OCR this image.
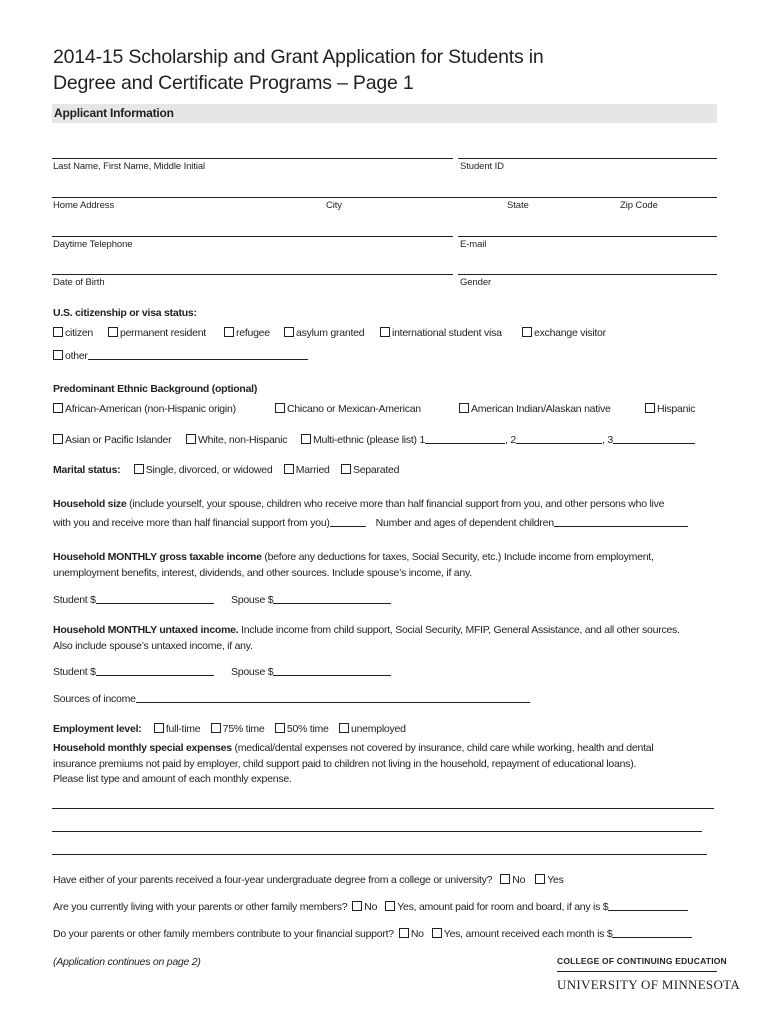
2014-15 Scholarship and Grant Application for Students in
Degree and Certificate Programs – Page 1
Applicant Information
Last Name, First Name, Middle Initial	Student ID
Home Address	City	State	Zip Code
Daytime Telephone	E-mail
Date of Birth	Gender
U.S. citizenship or visa status:
citizen	permanent resident	refugee	asylum granted	international student visa	exchange visitor
other
Predominant Ethnic Background (optional)
African-American (non-Hispanic origin)	Chicano or Mexican-American	American Indian/Alaskan native	Hispanic
Asian or Pacific Islander	White, non-Hispanic	Multi-ethnic (please list) 1	, 2	, 3
Marital status: Single, divorced, or widowed Married Separated
Household size (include yourself, your spouse, children who receive more than half financial support from you, and other persons who live
with you and receive more than half financial support from you)	Number and ages of dependent children
Household MONTHLY gross taxable income (before any deductions for taxes, Social Security, etc.) Include income from employment,
unemployment benefits, interest, dividends, and other sources. Include spouse’s income, if any.
Student $	Spouse $
Household MONTHLY untaxed income. Include income from child support, Social Security, MFIP, General Assistance, and all other sources.
Also include spouse’s untaxed income, if any.
Student $	Spouse $
Sources of income
Employment level: full-time 75% time 50% time unemployed
Household monthly special expenses (medical/dental expenses not covered by insurance, child care while working, health and dental
insurance premiums not paid by employer, child support paid to children not living in the household, repayment of educational loans).
Please list type and amount of each monthly expense.
Have either of your parents received a four-year undergraduate degree from a college or university? No Yes
Are you currently living with your parents or other family members? No Yes, amount paid for room and board, if any is $
Do your parents or other family members contribute to your financial support? No Yes, amount received each month is $
(Application continues on page 2)	COLLEGE OF CONTINUING EDUCATION
UNIVERSITY OF MINNESOTA
